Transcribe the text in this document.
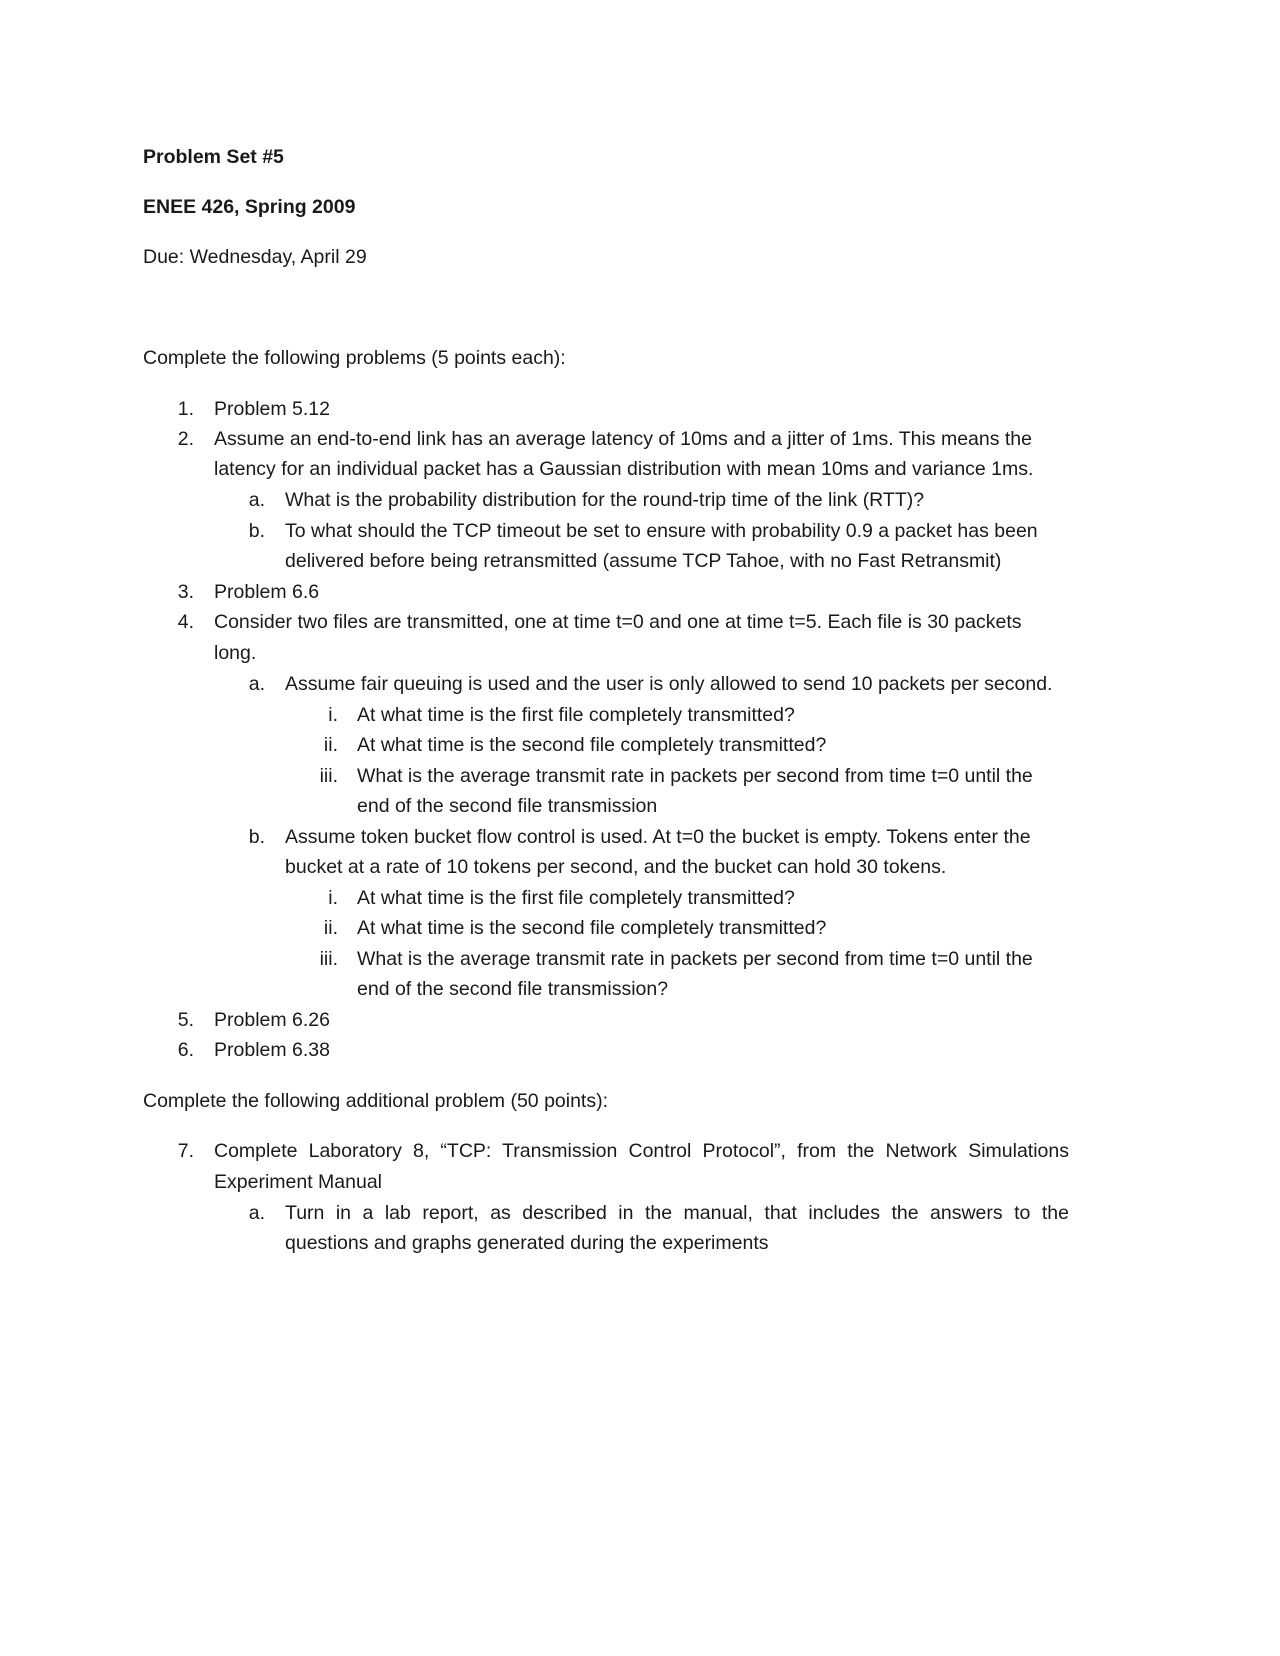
Problem Set #5
ENEE 426, Spring 2009
Due: Wednesday, April 29
Complete the following problems (5 points each):
1. Problem 5.12
2. Assume an end-to-end link has an average latency of 10ms and a jitter of 1ms. This means the
latency for an individual packet has a Gaussian distribution with mean 10ms and variance 1ms.
a. What is the probability distribution for the round-trip time of the link (RTT)?
b. To what should the TCP timeout be set to ensure with probability 0.9 a packet has been
delivered before being retransmitted (assume TCP Tahoe, with no Fast Retransmit)
3. Problem 6.6
4. Consider two files are transmitted, one at time t=0 and one at time t=5. Each file is 30 packets
long.
a. Assume fair queuing is used and the user is only allowed to send 10 packets per second.
i. At what time is the first file completely transmitted?
ii. At what time is the second file completely transmitted?
iii. What is the average transmit rate in packets per second from time t=0 until the
end of the second file transmission
b. Assume token bucket flow control is used. At t=0 the bucket is empty. Tokens enter the
bucket at a rate of 10 tokens per second, and the bucket can hold 30 tokens.
i. At what time is the first file completely transmitted?
ii. At what time is the second file completely transmitted?
iii. What is the average transmit rate in packets per second from time t=0 until the
end of the second file transmission?
5. Problem 6.26
6. Problem 6.38
Complete the following additional problem (50 points):
7. Complete Laboratory 8, “TCP: Transmission Control Protocol”, from the Network Simulations
Experiment Manual
a. Turn in a lab report, as described in the manual, that includes the answers to the
questions and graphs generated during the experiments
